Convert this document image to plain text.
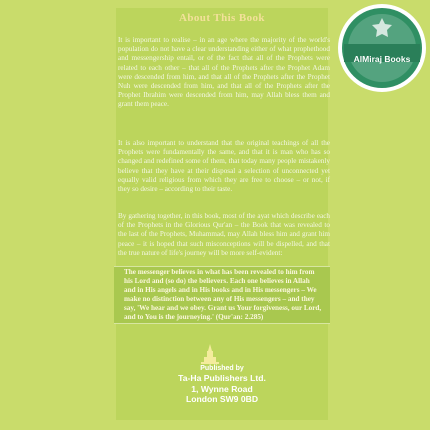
About This Book

It is important to realise – in an age where the majority of the world's population do not have a clear understanding either of what prophethood and messengership entail, or of the fact that all of the Prophets were related to each other – that all of the Prophets after the Prophet Adam were descended from him, and that all of the Prophets after the Prophet Nuh were descended from him, and that all of the Prophets after the Prophet Ibrahim were descended from him, may Allah bless them and grant them peace.

It is also important to understand that the original teachings of all the Prophets were fundamentally the same, and that it is man who has so changed and redefined some of them, that today many people mistakenly believe that they have at their disposal a selection of unconnected yet equally valid religious from which they are free to choose – or not, if they so desire – according to their taste.

By gathering together, in this book, most of the ayat which describe each of the Prophets in the Glorious Qur'an – the Book that was revealed to the last of the Prophets, Muhammad, may Allah bless him and grant him peace – it is hoped that such misconceptions will be dispelled, and that the true nature of life's journey will be more self-evident:

The messenger believes in what has been revealed to him from his Lord and (so do) the believers. Each one believes in Allah and in His angels and in His books and in His messengers – We make no distinction between any of His messengers – and they say, 'We hear and we obey. Grant us Your forgiveness, our Lord, and to You is the journeying.' (Qur'an: 2.285)

Published by
Ta-Ha Publishers Ltd.
1, Wynne Road
London SW9 0BD
AlMiraj Books
